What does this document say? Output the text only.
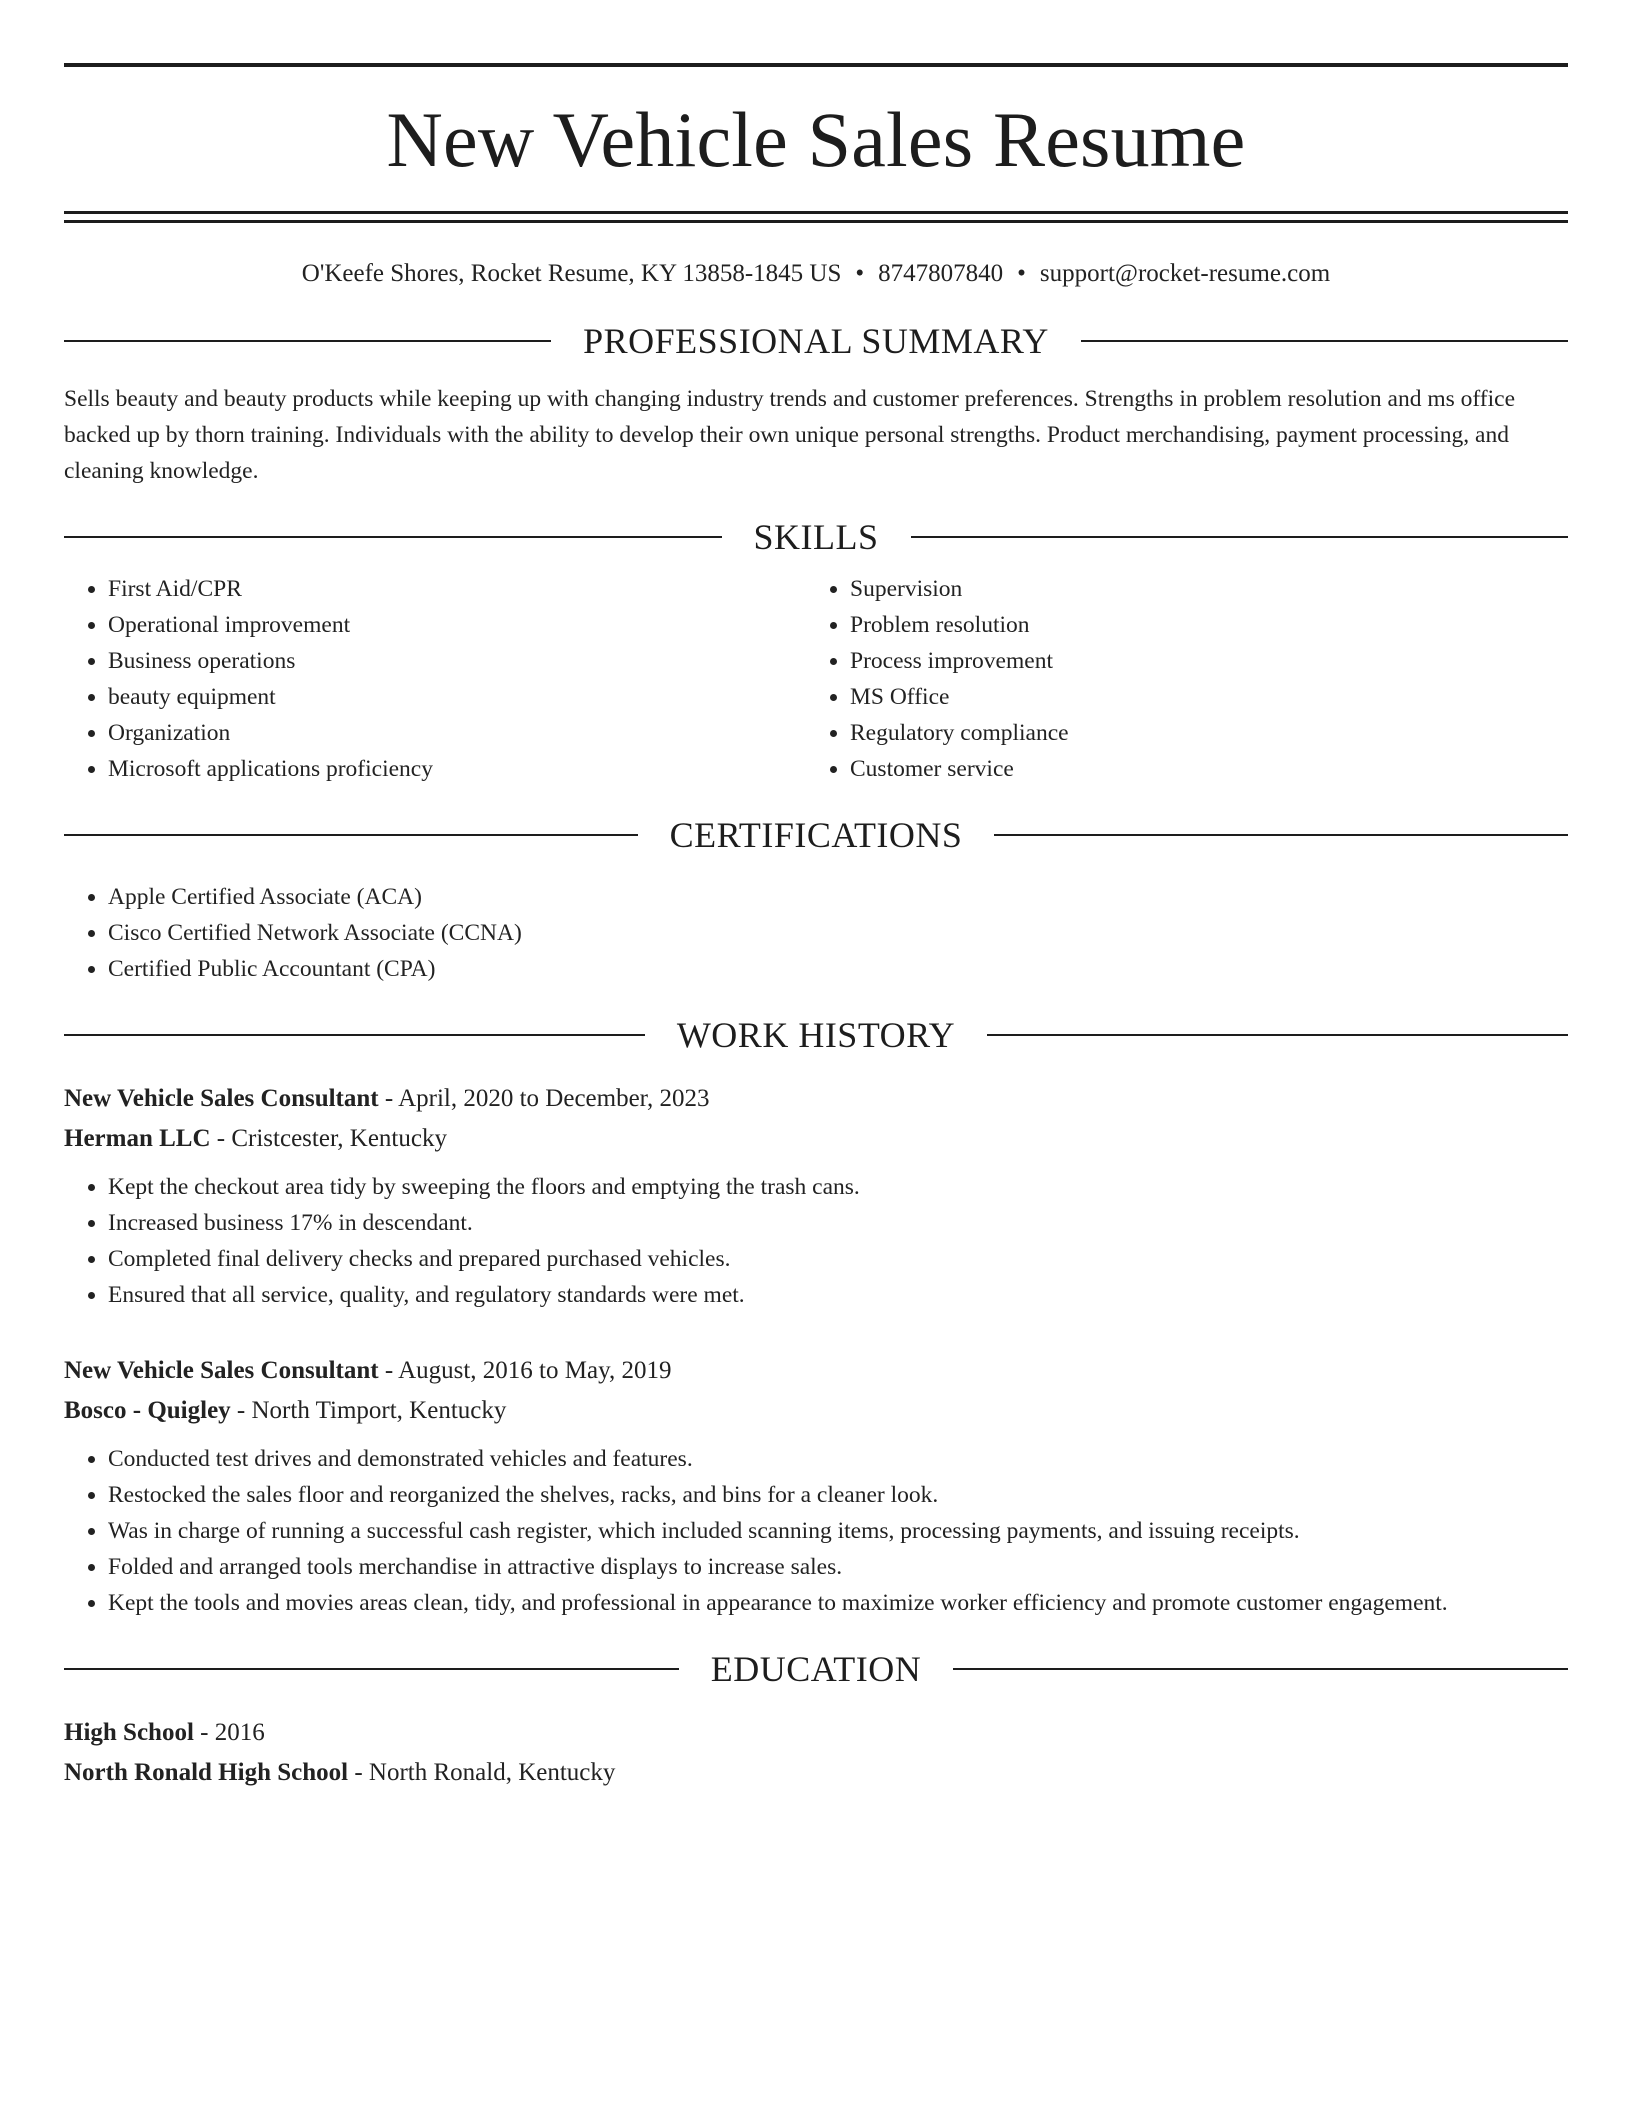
New Vehicle Sales Resume
O'Keefe Shores, Rocket Resume, KY 13858-1845 US • 8747807840 • support@rocket-resume.com
PROFESSIONAL SUMMARY
Sells beauty and beauty products while keeping up with changing industry trends and customer preferences. Strengths in problem resolution and ms office backed up by thorn training. Individuals with the ability to develop their own unique personal strengths. Product merchandising, payment processing, and cleaning knowledge.
SKILLS
• First Aid/CPR
• Operational improvement
• Business operations
• beauty equipment
• Organization
• Microsoft applications proficiency
• Supervision
• Problem resolution
• Process improvement
• MS Office
• Regulatory compliance
• Customer service
CERTIFICATIONS
• Apple Certified Associate (ACA)
• Cisco Certified Network Associate (CCNA)
• Certified Public Accountant (CPA)
WORK HISTORY
New Vehicle Sales Consultant - April, 2020 to December, 2023
Herman LLC - Cristcester, Kentucky
• Kept the checkout area tidy by sweeping the floors and emptying the trash cans.
• Increased business 17% in descendant.
• Completed final delivery checks and prepared purchased vehicles.
• Ensured that all service, quality, and regulatory standards were met.
New Vehicle Sales Consultant - August, 2016 to May, 2019
Bosco - Quigley - North Timport, Kentucky
• Conducted test drives and demonstrated vehicles and features.
• Restocked the sales floor and reorganized the shelves, racks, and bins for a cleaner look.
• Was in charge of running a successful cash register, which included scanning items, processing payments, and issuing receipts.
• Folded and arranged tools merchandise in attractive displays to increase sales.
• Kept the tools and movies areas clean, tidy, and professional in appearance to maximize worker efficiency and promote customer engagement.
EDUCATION
High School - 2016
North Ronald High School - North Ronald, Kentucky
